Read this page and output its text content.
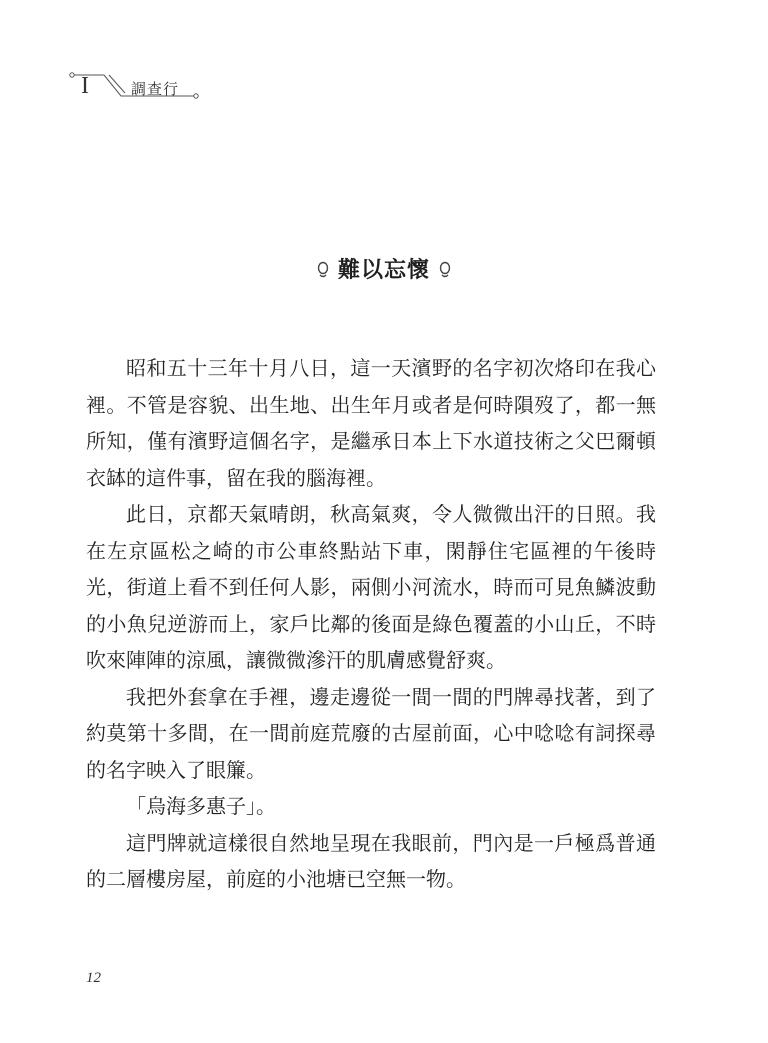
I	調查行
難以忘懷

昭和五十三年十月八日，這一天濱野的名字初次烙印在我心裡。不管是容貌、出生地、出生年月或者是何時隕歿了，都一無所知，僅有濱野這個名字，是繼承日本上下水道技術之父巴爾頓衣缽的這件事，留在我的腦海裡。

此日，京都天氣晴朗，秋高氣爽，令人微微出汗的日照。我在左京區松之崎的市公車終點站下車，閑靜住宅區裡的午後時光，街道上看不到任何人影，兩側小河流水，時而可見魚鱗波動的小魚兒逆游而上，家戶比鄰的後面是綠色覆蓋的小山丘，不時吹來陣陣的涼風，讓微微滲汗的肌膚感覺舒爽。

我把外套拿在手裡，邊走邊從一間一間的門牌尋找著，到了約莫第十多間，在一間前庭荒廢的古屋前面，心中唸唸有詞探尋的名字映入了眼簾。

「烏海多惠子」。

這門牌就這樣很自然地呈現在我眼前，門內是一戶極爲普通的二層樓房屋，前庭的小池塘已空無一物。

12
